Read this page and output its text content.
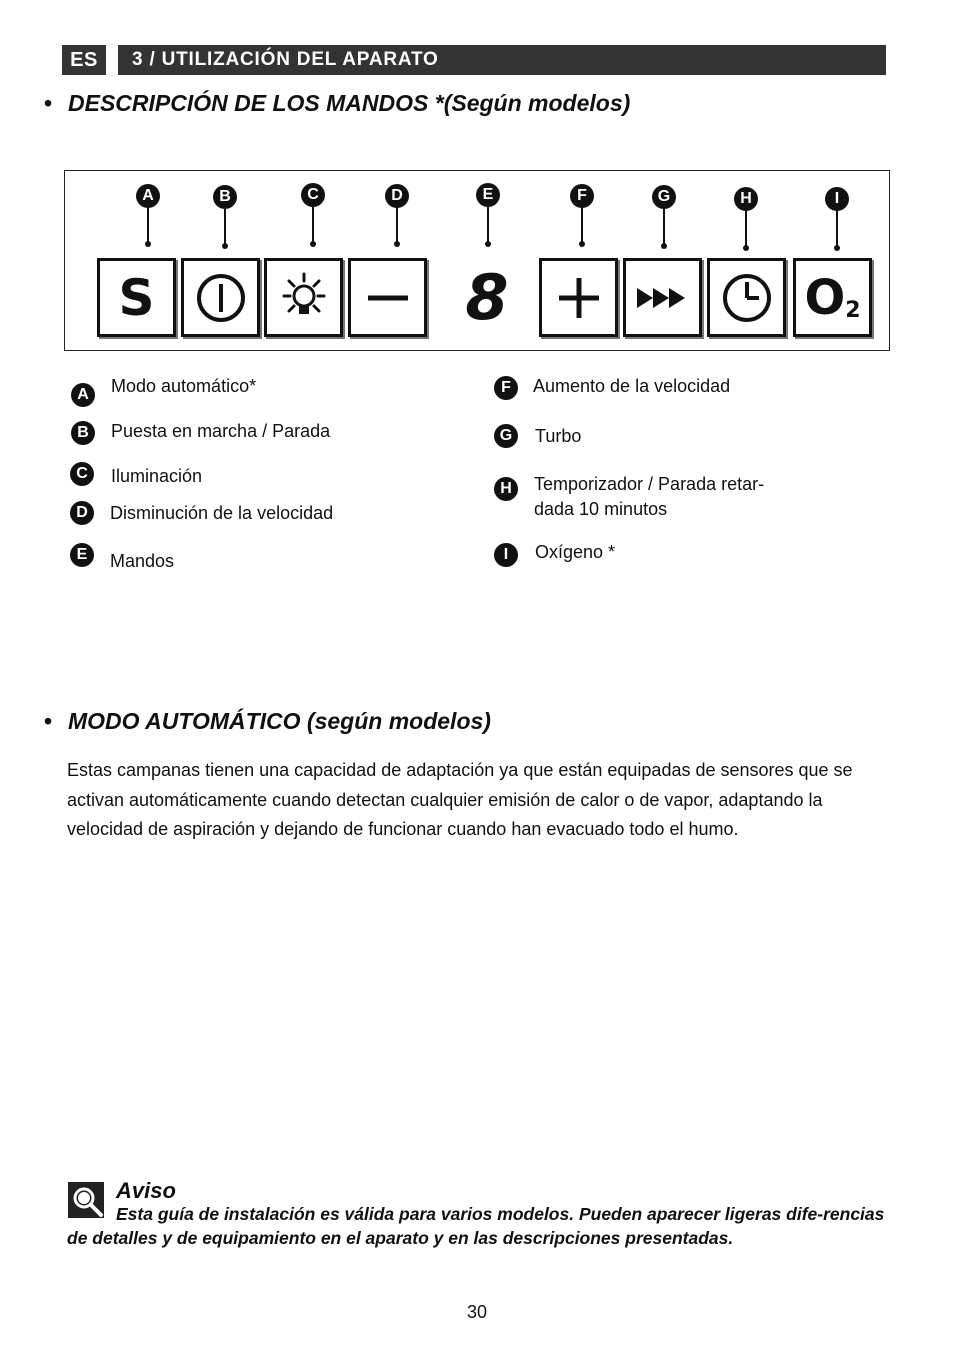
ES	3 / UTILIZACIÓN DEL APARATO
• DESCRIPCIÓN DE LOS MANDOS *(Según modelos)
A	B	C	D	E	F	G	H	I
S	8	O 2
A	Modo automático*
B	Puesta en marcha / Parada
C	Iluminación
D	Disminución de la velocidad
E	Mandos
F	Aumento de la velocidad
G	Turbo
H	Temporizador / Parada retar-
dada 10 minutos
I	Oxígeno *
• MODO AUTOMÁTICO (según modelos)
Estas campanas tienen una capacidad de adaptación ya que están equipadas de sensores que se activan automáticamente cuando detectan cualquier emisión de calor o de vapor, adaptando la velocidad de aspiración y dejando de funcionar cuando han evacuado todo el humo.
Aviso
Esta guía de instalación es válida para varios modelos. Pueden aparecer ligeras dife-rencias de detalles y de equipamiento en el aparato y en las descripciones presentadas.
30
